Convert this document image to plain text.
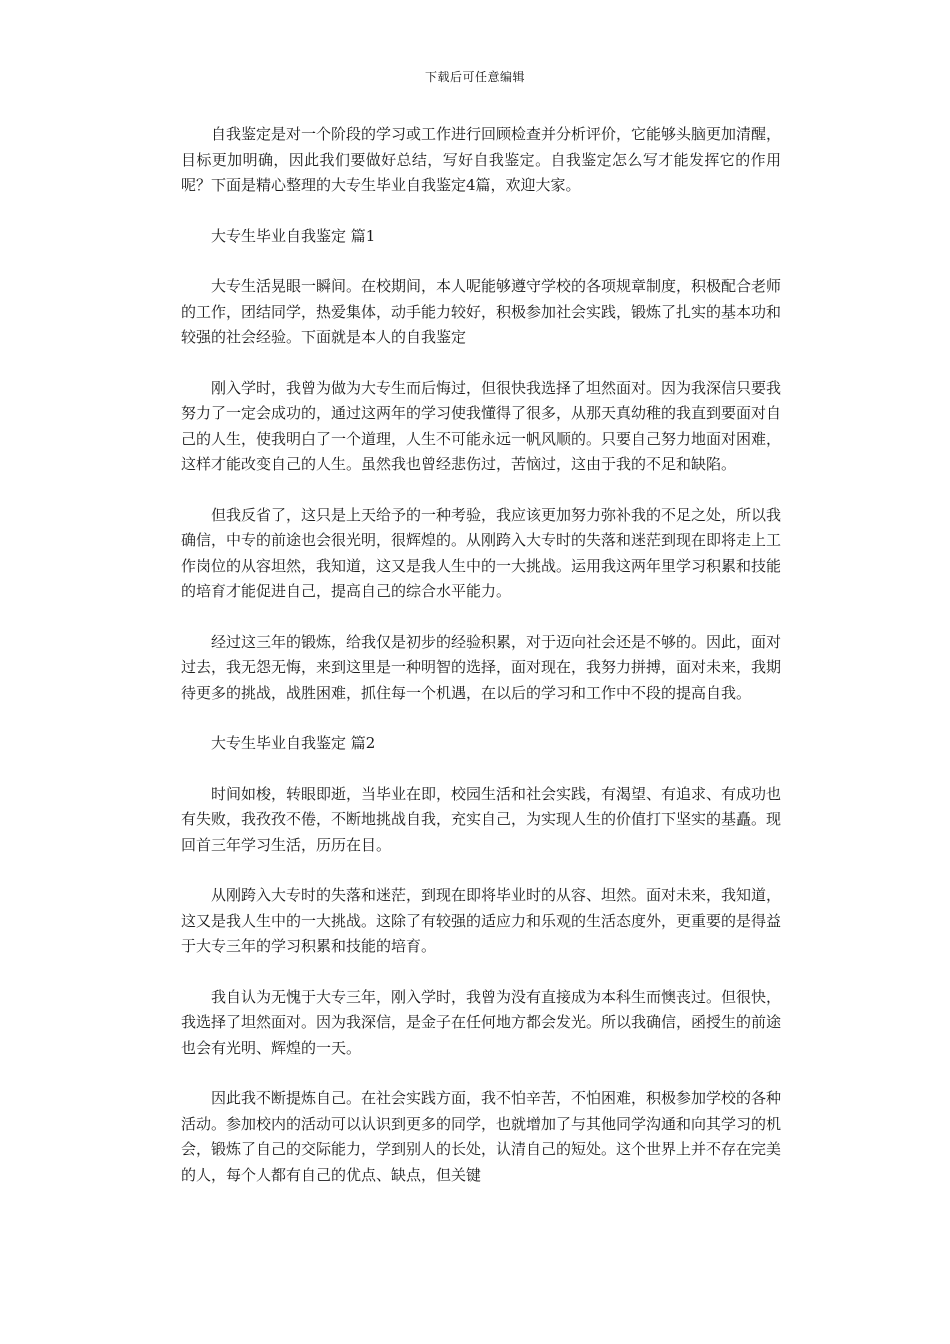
下载后可任意编辑

自我鉴定是对一个阶段的学习或工作进行回顾检查并分析评价，它能够头脑更加清醒，目标更加明确，因此我们要做好总结，写好自我鉴定。自我鉴定怎么写才能发挥它的作用呢？下面是精心整理的大专生毕业自我鉴定4篇，欢迎大家。

大专生毕业自我鉴定 篇1

大专生活晃眼一瞬间。在校期间，本人呢能够遵守学校的各项规章制度，积极配合老师的工作，团结同学，热爱集体，动手能力较好，积极参加社会实践，锻炼了扎实的基本功和较强的社会经验。下面就是本人的自我鉴定

刚入学时，我曾为做为大专生而后悔过，但很快我选择了坦然面对。因为我深信只要我努力了一定会成功的，通过这两年的学习使我懂得了很多，从那天真幼稚的我直到要面对自己的人生，使我明白了一个道理，人生不可能永远一帆风顺的。只要自己努力地面对困难，这样才能改变自己的人生。虽然我也曾经悲伤过，苦恼过，这由于我的不足和缺陷。

但我反省了，这只是上天给予的一种考验，我应该更加努力弥补我的不足之处，所以我确信，中专的前途也会很光明，很辉煌的。从刚跨入大专时的失落和迷茫到现在即将走上工作岗位的从容坦然，我知道，这又是我人生中的一大挑战。运用我这两年里学习积累和技能的培育才能促进自己，提高自己的综合水平能力。

经过这三年的锻炼，给我仅是初步的经验积累，对于迈向社会还是不够的。因此，面对过去，我无怨无悔，来到这里是一种明智的选择，面对现在，我努力拼搏，面对未来，我期待更多的挑战，战胜困难，抓住每一个机遇，在以后的学习和工作中不段的提高自我。

大专生毕业自我鉴定 篇2

时间如梭，转眼即逝，当毕业在即，校园生活和社会实践，有渴望、有追求、有成功也有失败，我孜孜不倦，不断地挑战自我，充实自己，为实现人生的价值打下坚实的基矗。现回首三年学习生活，历历在目。

从刚跨入大专时的失落和迷茫，到现在即将毕业时的从容、坦然。面对未来，我知道，这又是我人生中的一大挑战。这除了有较强的适应力和乐观的生活态度外，更重要的是得益于大专三年的学习积累和技能的培育。

我自认为无愧于大专三年，刚入学时，我曾为没有直接成为本科生而懊丧过。但很快，我选择了坦然面对。因为我深信，是金子在任何地方都会发光。所以我确信，函授生的前途也会有光明、辉煌的一天。

因此我不断提炼自己。在社会实践方面，我不怕辛苦，不怕困难，积极参加学校的各种活动。参加校内的活动可以认识到更多的同学，也就增加了与其他同学沟通和向其学习的机会，锻炼了自己的交际能力，学到别人的长处，认清自己的短处。这个世界上并不存在完美的人，每个人都有自己的优点、缺点，但关键
